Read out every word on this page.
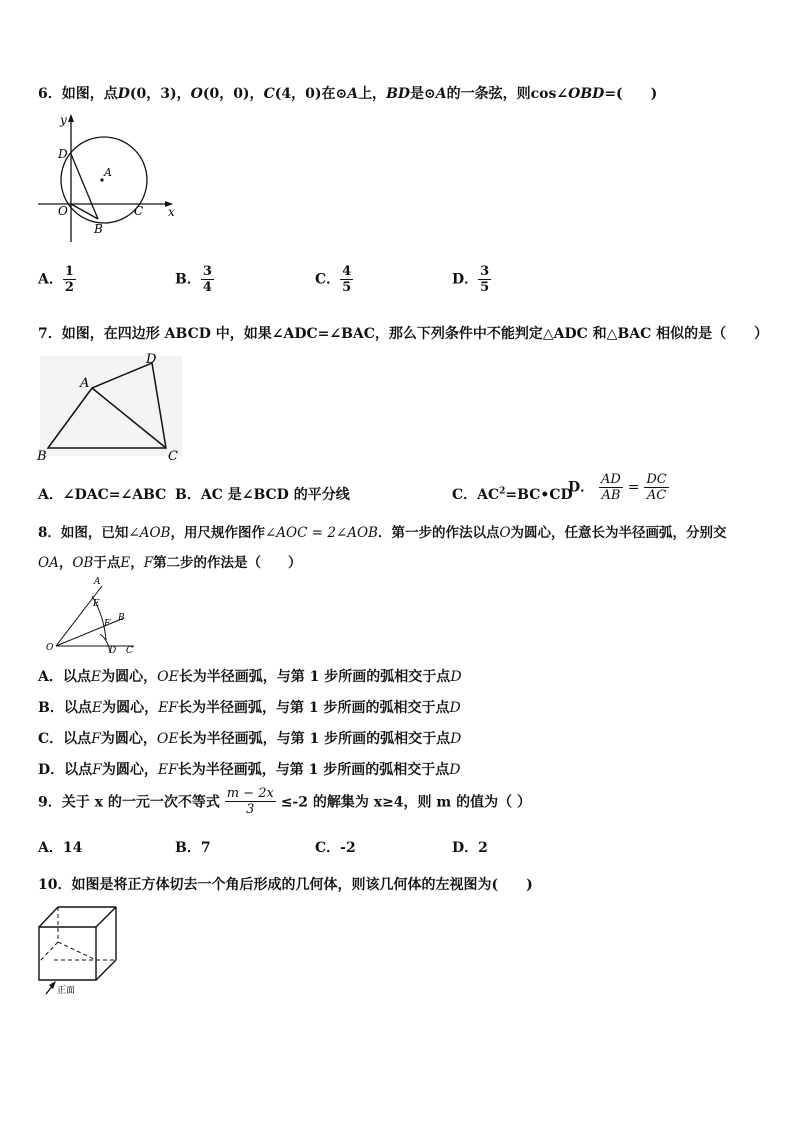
6．如图，点D(0，3)，O(0，0)，C(4，0)在⊙A上，BD是⊙A的一条弦，则cos∠OBD=(　　)
y
x
D
A
O	C
B
A． $\frac{1}{2}$	B． $\frac{3}{4}$	C． $\frac{4}{5}$	D． $\frac{3}{5}$
7．如图，在四边形 ABCD 中，如果∠ADC=∠BAC，那么下列条件中不能判定△ADC 和△BAC 相似的是（　　）
A
B	C
D
A．∠DAC=∠ABC B．AC 是∠BCD 的平分线	C．$AC^2=BC•CD$
D． $\frac{AD}{AB} = \frac{DC}{AC}$
8．如图，已知∠AOB，用尺规作图作∠AOC = 2∠AOB．第一步的作法以点O为圆心，任意长为半径画弧，分别交
OA，OB于点E，F第二步的作法是（　　）
A
E
B
F
O	D C
A．以点E为圆心，OE长为半径画弧，与第 1 步所画的弧相交于点D
B．以点E为圆心，EF长为半径画弧，与第 1 步所画的弧相交于点D
C．以点F为圆心，OE长为半径画弧，与第 1 步所画的弧相交于点D
D．以点F为圆心，EF长为半径画弧，与第 1 步所画的弧相交于点D
9．关于 x 的一元一次不等式 $\frac{m - 2x}{3} \le-2$ 的解集为 x≥4，则 m 的值为（ ）
A．14	B．7	C．-2	D．2
10．如图是将正方体切去一个角后形成的几何体，则该几何体的左视图为(　　)
正面
